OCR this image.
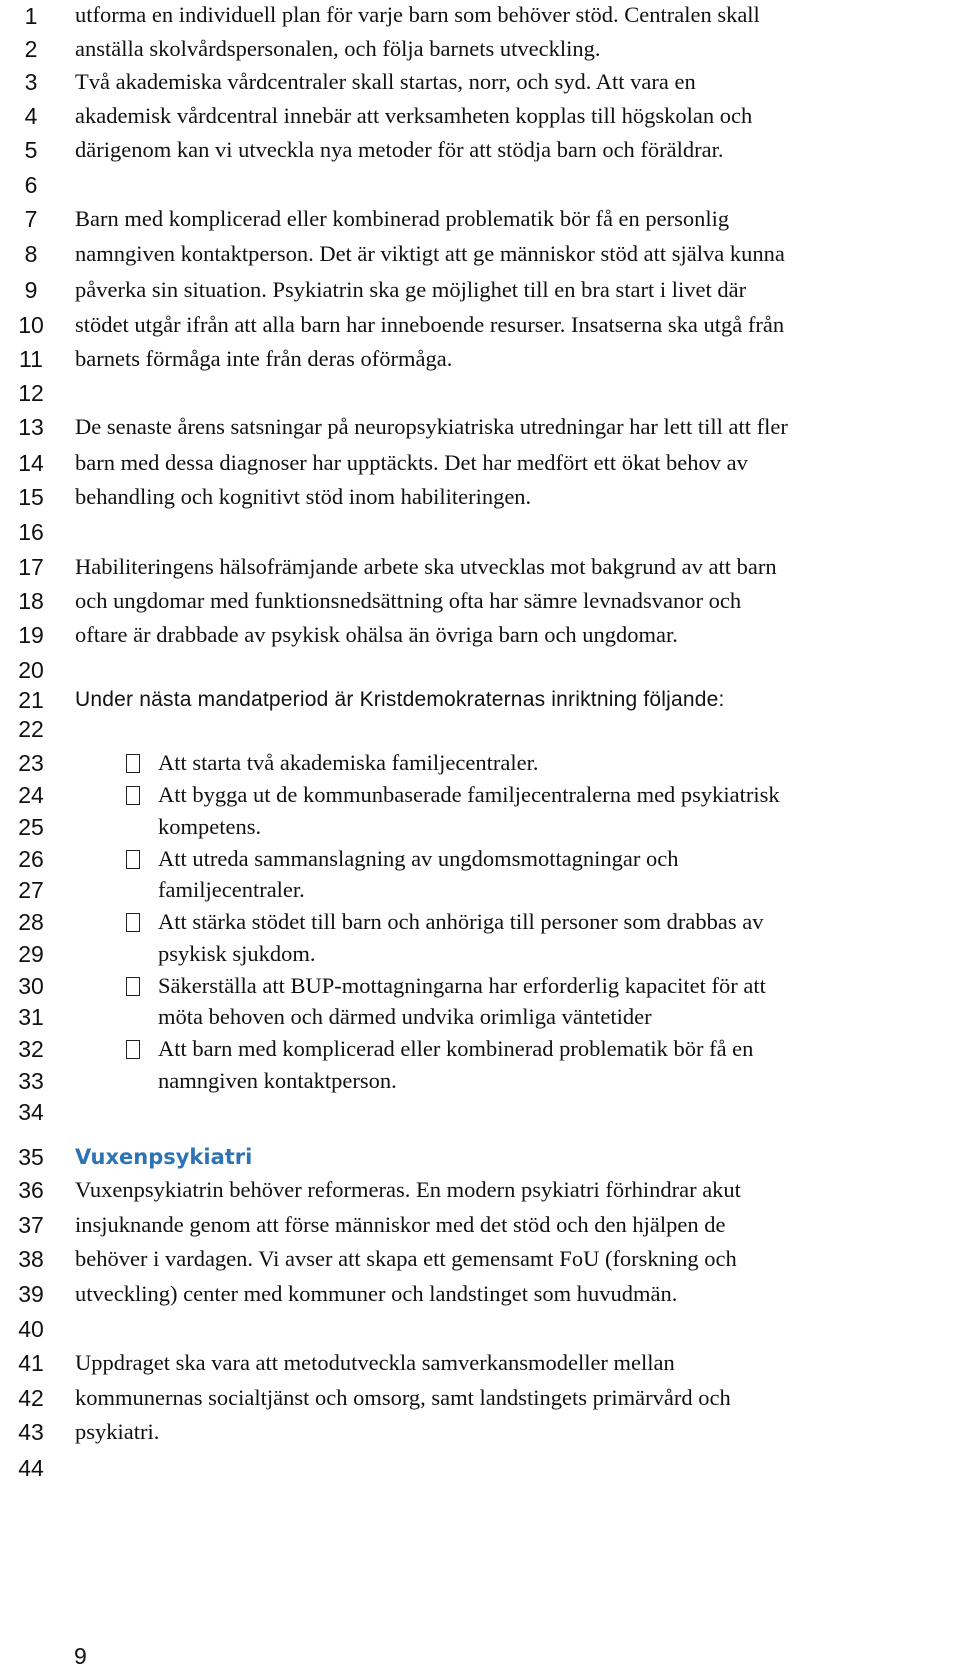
1
2
3
4
5
6
7
8
9
10
11
12
13
14
15
16
17
18
19
20
21
22
23
24
25
26
27
28
29
30
31
32
33
34
35
36
37
38
39
40
41
42
43
44
utforma en individuell plan för varje barn som behöver stöd. Centralen skall
anställa skolvårdspersonalen, och följa barnets utveckling.
Två akademiska vårdcentraler skall startas, norr, och syd. Att vara en
akademisk vårdcentral innebär att verksamheten kopplas till högskolan och
därigenom kan vi utveckla nya metoder för att stödja barn och föräldrar.
Barn med komplicerad eller kombinerad problematik bör få en personlig
namngiven kontaktperson. Det är viktigt att ge människor stöd att själva kunna
påverka sin situation. Psykiatrin ska ge möjlighet till en bra start i livet där
stödet utgår ifrån att alla barn har inneboende resurser. Insatserna ska utgå från
barnets förmåga inte från deras oförmåga.
De senaste årens satsningar på neuropsykiatriska utredningar har lett till att fler
barn med dessa diagnoser har upptäckts. Det har medfört ett ökat behov av
behandling och kognitivt stöd inom habiliteringen.
Habiliteringens hälsofrämjande arbete ska utvecklas mot bakgrund av att barn
och ungdomar med funktionsnedsättning ofta har sämre levnadsvanor och
oftare är drabbade av psykisk ohälsa än övriga barn och ungdomar.
Under nästa mandatperiod är Kristdemokraternas inriktning följande:
Att starta två akademiska familjecentraler.
Att bygga ut de kommunbaserade familjecentralerna med psykiatrisk
kompetens.
Att utreda sammanslagning av ungdomsmottagningar och
familjecentraler.
Att stärka stödet till barn och anhöriga till personer som drabbas av
psykisk sjukdom.
Säkerställa att BUP-mottagningarna har erforderlig kapacitet för att
möta behoven och därmed undvika orimliga väntetider
Att barn med komplicerad eller kombinerad problematik bör få en
namngiven kontaktperson.
Vuxenpsykiatri
Vuxenpsykiatrin behöver reformeras. En modern psykiatri förhindrar akut
insjuknande genom att förse människor med det stöd och den hjälpen de
behöver i vardagen. Vi avser att skapa ett gemensamt FoU (forskning och
utveckling) center med kommuner och landstinget som huvudmän.
Uppdraget ska vara att metodutveckla samverkansmodeller mellan
kommunernas socialtjänst och omsorg, samt landstingets primärvård och
psykiatri.
9
